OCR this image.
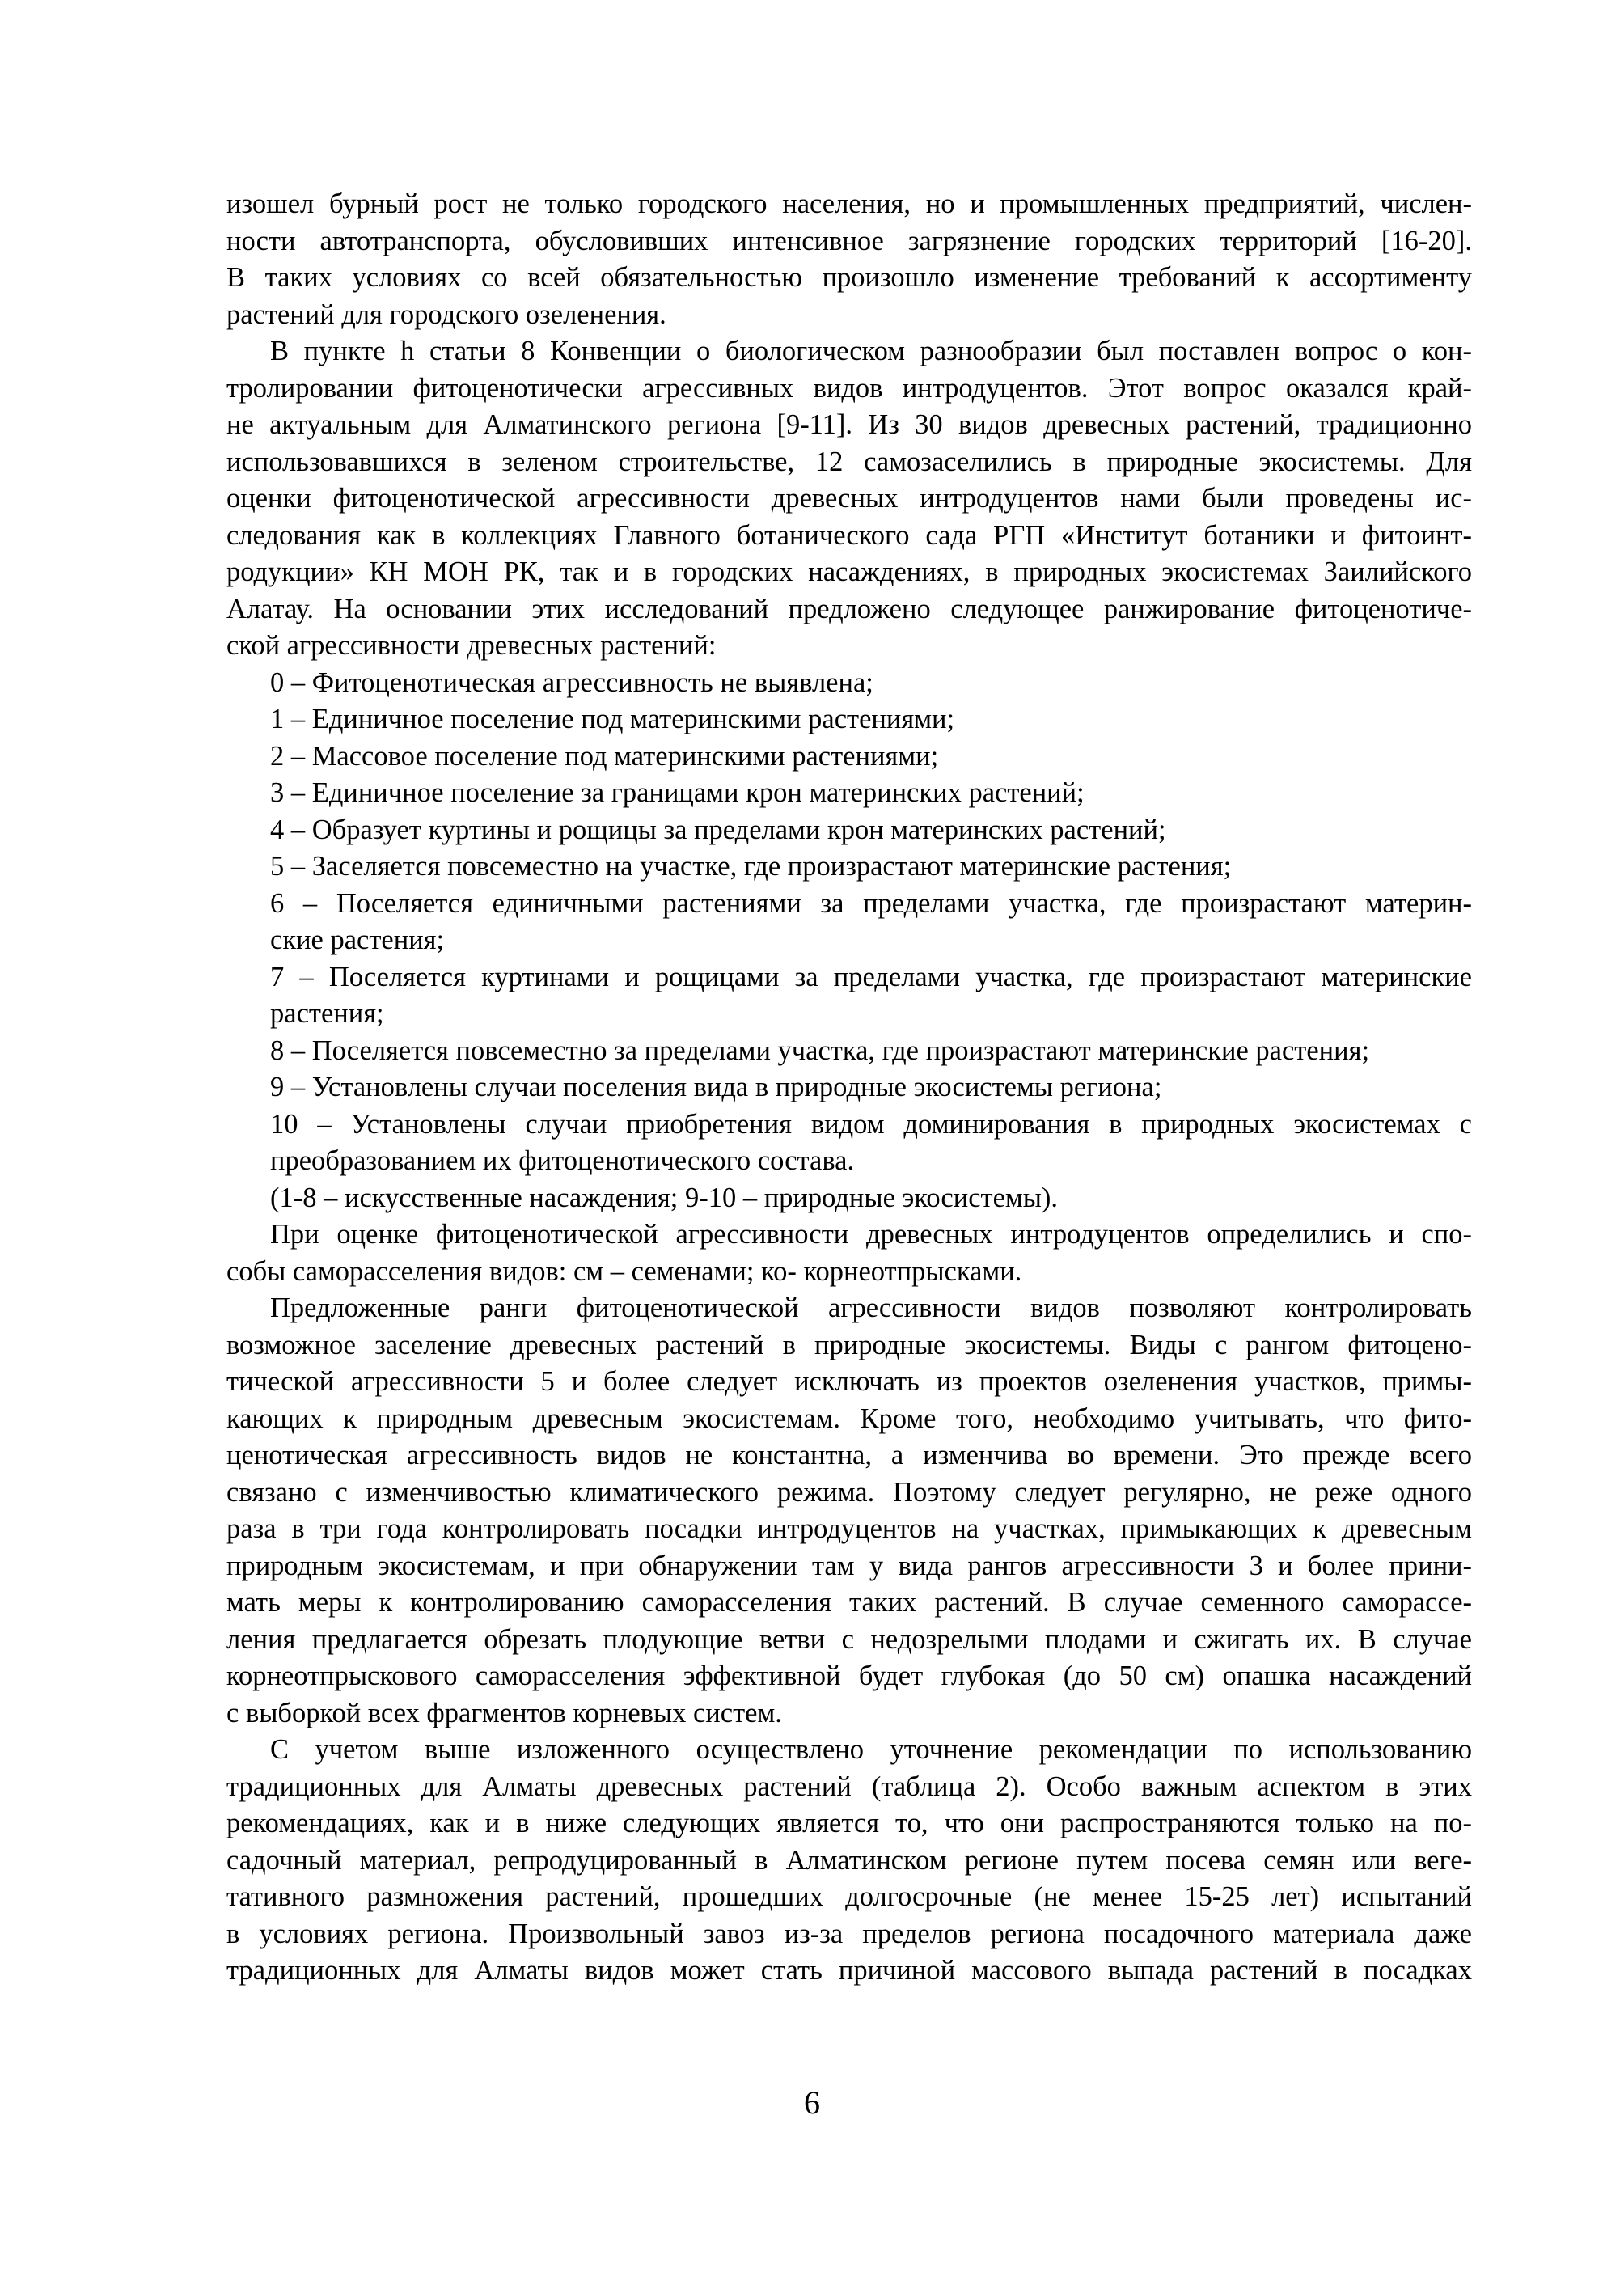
изошел бурный рост не только городского населения, но и промышленных предприятий, числен-
ности автотранспорта, обусловивших интенсивное загрязнение городских территорий [16-20].
В таких условиях со всей обязательностью произошло изменение требований к ассортименту
растений для городского озеленения.
В пункте h статьи 8 Конвенции о биологическом разнообразии был поставлен вопрос о кон-
тролировании фитоценотически агрессивных видов интродуцентов. Этот вопрос оказался край-
не актуальным для Алматинского региона [9-11]. Из 30 видов древесных растений, традиционно
использовавшихся в зеленом строительстве, 12 самозаселились в природные экосистемы. Для
оценки фитоценотической агрессивности древесных интродуцентов нами были проведены ис-
следования как в коллекциях Главного ботанического сада РГП «Институт ботаники и фитоинт-
родукции» КН МОН РК, так и в городских насаждениях, в природных экосистемах Заилийского
Алатау. На основании этих исследований предложено следующее ранжирование фитоценотиче-
ской агрессивности древесных растений:
0 – Фитоценотическая агрессивность не выявлена;
1 – Единичное поселение под материнскими растениями;
2 – Массовое поселение под материнскими растениями;
3 – Единичное поселение за границами крон материнских растений;
4 – Образует куртины и рощицы за пределами крон материнских растений;
5 – Заселяется повсеместно на участке, где произрастают материнские растения;
6 – Поселяется единичными растениями за пределами участка, где произрастают материн-
ские растения;
7 – Поселяется куртинами и рощицами за пределами участка, где произрастают материнские
растения;
8 – Поселяется повсеместно за пределами участка, где произрастают материнские растения;
9 – Установлены случаи поселения вида в природные экосистемы региона;
10 – Установлены случаи приобретения видом доминирования в природных экосистемах с
преобразованием их фитоценотического состава.
(1-8 – искусственные насаждения; 9-10 – природные экосистемы).
При оценке фитоценотической агрессивности древесных интродуцентов определились и спо-
собы саморасселения видов: см – семенами; ко- корнеотпрысками.
Предложенные ранги фитоценотической агрессивности видов позволяют контролировать
возможное заселение древесных растений в природные экосистемы. Виды с рангом фитоцено-
тической агрессивности 5 и более следует исключать из проектов озеленения участков, примы-
кающих к природным древесным экосистемам. Кроме того, необходимо учитывать, что фито-
ценотическая агрессивность видов не константна, а изменчива во времени. Это прежде всего
связано с изменчивостью климатического режима. Поэтому следует регулярно, не реже одного
раза в три года контролировать посадки интродуцентов на участках, примыкающих к древесным
природным экосистемам, и при обнаружении там у вида рангов агрессивности 3 и более прини-
мать меры к контролированию саморасселения таких растений. В случае семенного саморассе-
ления предлагается обрезать плодующие ветви с недозрелыми плодами и сжигать их. В случае
корнеотпрыскового саморасселения эффективной будет глубокая (до 50 см) опашка насаждений
с выборкой всех фрагментов корневых систем.
С учетом выше изложенного осуществлено уточнение рекомендации по использованию
традиционных для Алматы древесных растений (таблица 2). Особо важным аспектом в этих
рекомендациях, как и в ниже следующих является то, что они распространяются только на по-
садочный материал, репродуцированный в Алматинском регионе путем посева семян или веге-
тативного размножения растений, прошедших долгосрочные (не менее 15-25 лет) испытаний
в условиях региона. Произвольный завоз из-за пределов региона посадочного материала даже
традиционных для Алматы видов может стать причиной массового выпада растений в посадках
6
